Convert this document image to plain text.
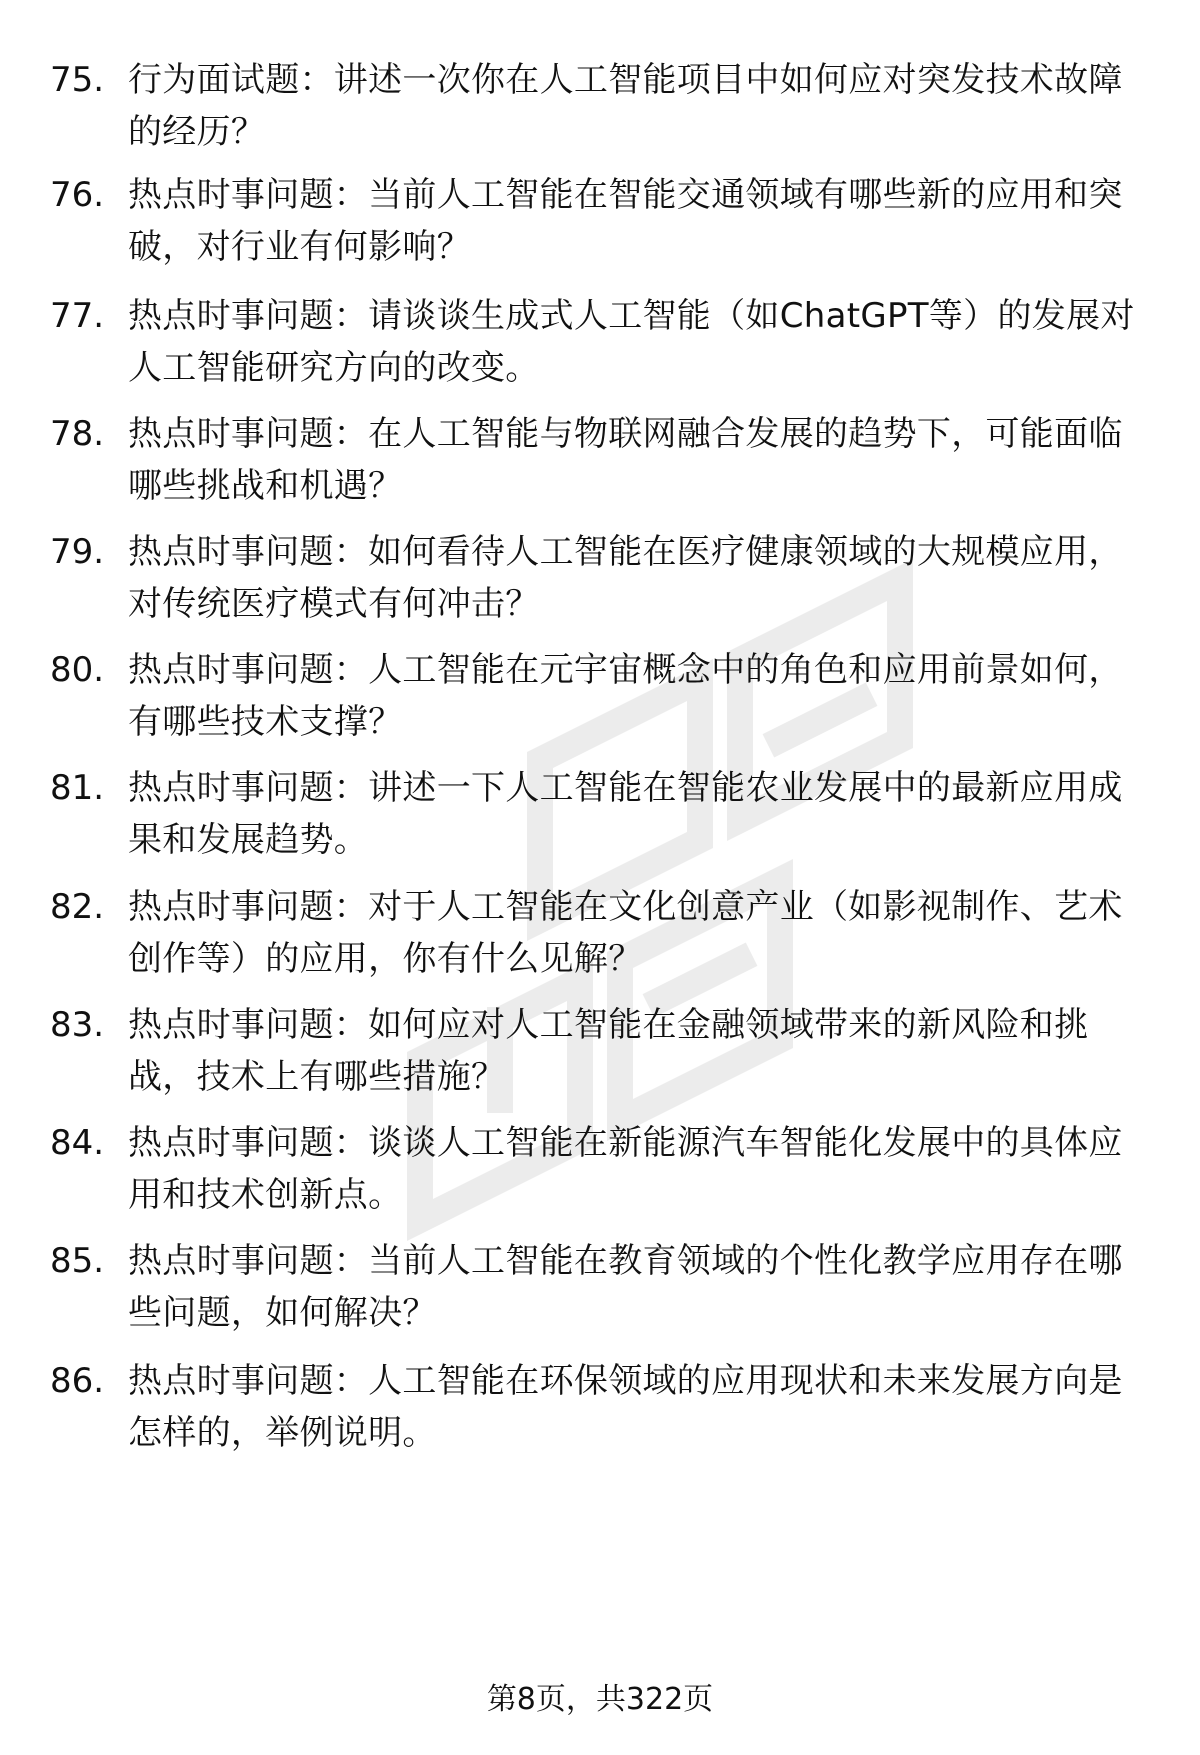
75. 行为面试题：讲述一次你在人工智能项目中如何应对突发技术故障的经历？
76. 热点时事问题：当前人工智能在智能交通领域有哪些新的应用和突破，对行业有何影响？
77. 热点时事问题：请谈谈生成式人工智能（如ChatGPT等）的发展对人工智能研究方向的改变。
78. 热点时事问题：在人工智能与物联网融合发展的趋势下，可能面临哪些挑战和机遇？
79. 热点时事问题：如何看待人工智能在医疗健康领域的大规模应用，对传统医疗模式有何冲击？
80. 热点时事问题：人工智能在元宇宙概念中的角色和应用前景如何，有哪些技术支撑？
81. 热点时事问题：讲述一下人工智能在智能农业发展中的最新应用成果和发展趋势。
82. 热点时事问题：对于人工智能在文化创意产业（如影视制作、艺术创作等）的应用，你有什么见解？
83. 热点时事问题：如何应对人工智能在金融领域带来的新风险和挑战，技术上有哪些措施？
84. 热点时事问题：谈谈人工智能在新能源汽车智能化发展中的具体应用和技术创新点。
85. 热点时事问题：当前人工智能在教育领域的个性化教学应用存在哪些问题，如何解决？
86. 热点时事问题：人工智能在环保领域的应用现状和未来发展方向是怎样的，举例说明。
第8页，共322页
